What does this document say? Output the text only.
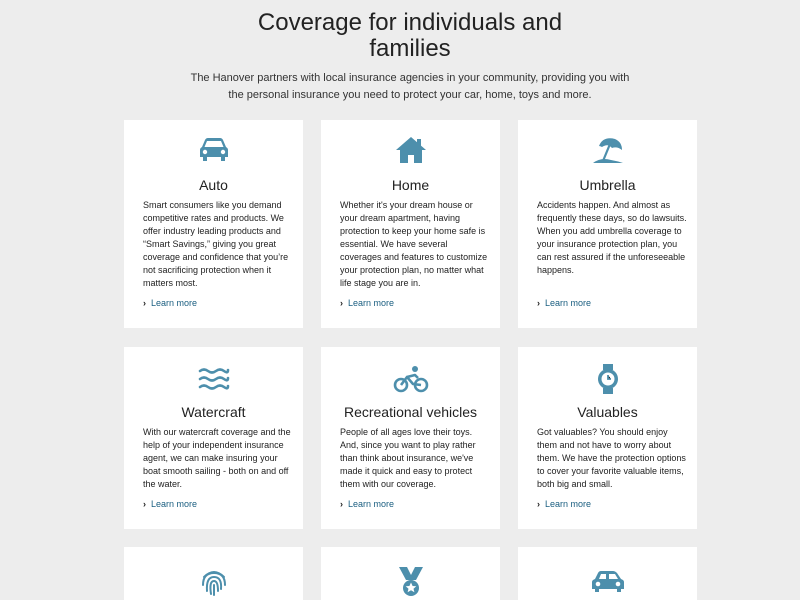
Coverage for individuals and families

The Hanover partners with local insurance agencies in your community, providing you with the personal insurance you need to protect your car, home, toys and more.

Auto
Smart consumers like you demand competitive rates and products. We offer industry leading products and “Smart Savings,” giving you great coverage and confidence that you’re not sacrificing protection when it matters most.
› Learn more
Home
Whether it's your dream house or your dream apartment, having protection to keep your home safe is essential. We have several coverages and features to customize your protection plan, no matter what life stage you are in.
› Learn more
Umbrella
Accidents happen. And almost as frequently these days, so do lawsuits. When you add umbrella coverage to your insurance protection plan, you can rest assured if the unforeseeable happens.
› Learn more
Watercraft
With our watercraft coverage and the help of your independent insurance agent, we can make insuring your boat smooth sailing - both on and off the water.
› Learn more
Recreational vehicles
People of all ages love their toys. And, since you want to play rather than think about insurance, we've made it quick and easy to protect them with our coverage.
› Learn more
Valuables
Got valuables? You should enjoy them and not have to worry about them. We have the protection options to cover your favorite valuable items, both big and small.
› Learn more
